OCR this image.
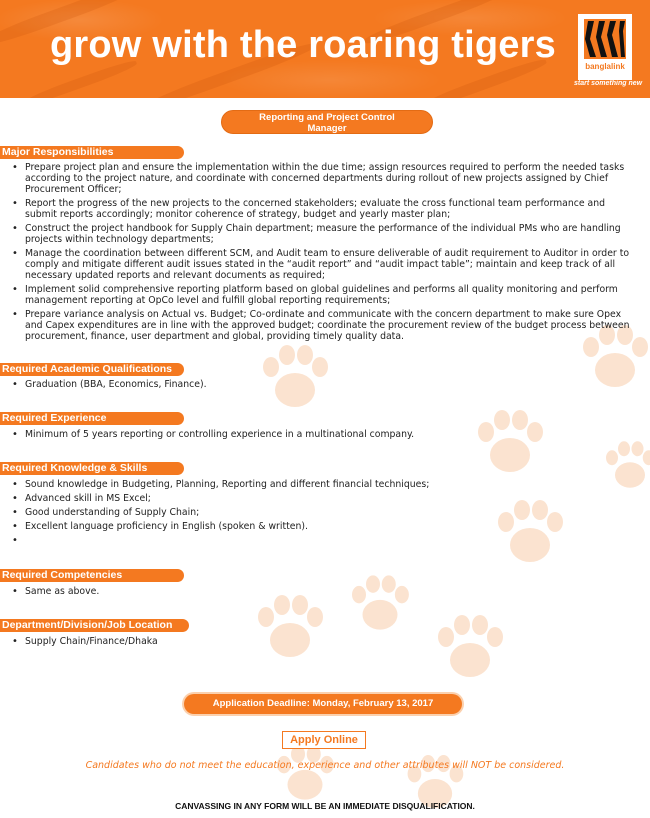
grow with the roaring tigers
banglalink
start something new
Reporting and Project Control
Manager
Major Responsibilities
• Prepare project plan and ensure the implementation within the due time; assign resources required to perform the needed tasks according to the project nature, and coordinate with concerned departments during rollout of new projects assigned by Chief Procurement Officer;
• Report the progress of the new projects to the concerned stakeholders; evaluate the cross functional team performance and submit reports accordingly; monitor coherence of strategy, budget and yearly master plan;
• Construct the project handbook for Supply Chain department; measure the performance of the individual PMs who are handling projects within technology departments;
• Manage the coordination between different SCM, and Audit team to ensure deliverable of audit requirement to Auditor in order to comply and mitigate different audit issues stated in the “audit report” and “audit impact table”; maintain and keep track of all necessary updated reports and relevant documents as required;
• Implement solid comprehensive reporting platform based on global guidelines and performs all quality monitoring and perform management reporting at OpCo level and fulfill global reporting requirements;
• Prepare variance analysis on Actual vs. Budget; Co-ordinate and communicate with the concern department to make sure Opex and Capex expenditures are in line with the approved budget; coordinate the procurement review of the budget process between procurement, finance, user department and global, providing timely quality data.
Required Academic Qualifications
• Graduation (BBA, Economics, Finance).
Required Experience
• Minimum of 5 years reporting or controlling experience in a multinational company.
Required Knowledge & Skills
• Sound knowledge in Budgeting, Planning, Reporting and different financial techniques;
• Advanced skill in MS Excel;
• Good understanding of Supply Chain;
• Excellent language proficiency in English (spoken & written).
•
Required Competencies
• Same as above.
Department/Division/Job Location
• Supply Chain/Finance/Dhaka
Application Deadline: Monday, February 13, 2017
Apply Online
Candidates who do not meet the education, experience and other attributes will NOT be considered.
CANVASSING IN ANY FORM WILL BE AN IMMEDIATE DISQUALIFICATION.
